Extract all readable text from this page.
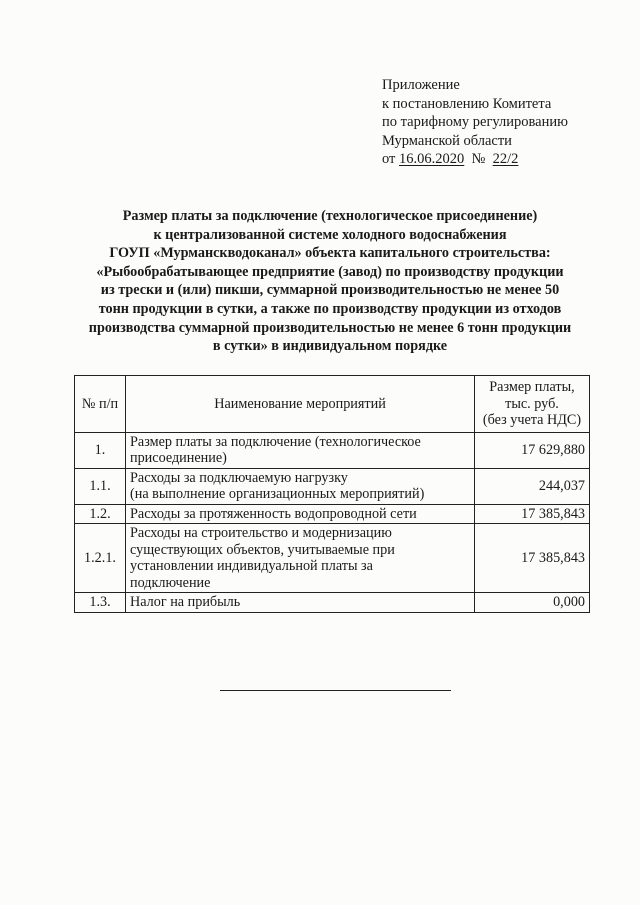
Приложение
к постановлению Комитета
по тарифному регулированию
Мурманской области
от 16.06.2020 № 22/2
Размер платы за подключение (технологическое присоединение)
к централизованной системе холодного водоснабжения
ГОУП «Мурманскводоканал» объекта капитального строительства:
«Рыбообрабатывающее предприятие (завод) по производству продукции
из трески и (или) пикши, суммарной производительностью не менее 50
тонн продукции в сутки, а также по производству продукции из отходов
производства суммарной производительностью не менее 6 тонн продукции
в сутки» в индивидуальном порядке
№ п/п	Наименование мероприятий	Размер платы,
тыс. руб.
(без учета НДС)

1.	Размер платы за подключение (технологическое
присоединение)	17 629,880
1.1.	Расходы за подключаемую нагрузку
(на выполнение организационных мероприятий)	244,037
1.2.	Расходы за протяженность водопроводной сети	17 385,843
1.2.1.	Расходы на строительство и модернизацию
существующих объектов, учитываемые при
установлении индивидуальной платы за
подключение	17 385,843
1.3.	Налог на прибыль	0,000
